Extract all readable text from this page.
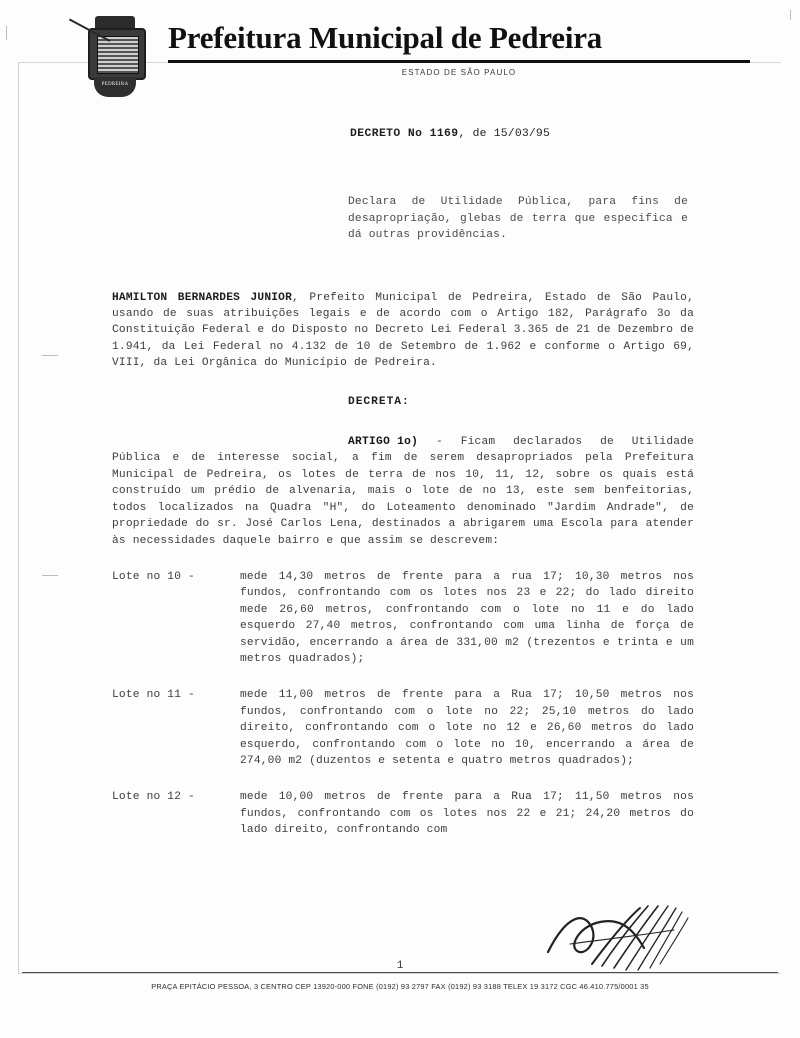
PEDREIRA
Prefeitura Municipal de Pedreira
ESTADO DE SÃO PAULO
DECRETO No 1169, de 15/03/95
Declara de Utilidade Pública, para fins de desapropriação, glebas de terra que especifica e dá outras providências.
HAMILTON BERNARDES JUNIOR, Prefeito Municipal de Pedreira, Estado de São Paulo, usando de suas atribuições legais e de acordo com o Artigo 182, Parágrafo 3o da Constituição Federal e do Disposto no Decreto Lei Federal 3.365 de 21 de Dezembro de 1.941, da Lei Federal no 4.132 de 10 de Setembro de 1.962 e conforme o Artigo 69, VIII, da Lei Orgânica do Município de Pedreira.
DECRETA:
ARTIGO 1o) - Ficam declarados de Utilidade Pública e de interesse social, a fim de serem desapropriados pela Prefeitura Municipal de Pedreira, os lotes de terra de nos 10, 11, 12, sobre os quais está construído um prédio de alvenaria, mais o lote de no 13, este sem benfeitorias, todos localizados na Quadra "H", do Loteamento denominado "Jardim Andrade", de propriedade do sr. José Carlos Lena, destinados a abrigarem uma Escola para atender às necessidades daquele bairro e que assim se descrevem:
Lote no 10 -	mede 14,30 metros de frente para a rua 17; 10,30 metros nos fundos, confrontando com os lotes nos 23 e 22; do lado direito mede 26,60 metros, confrontando com o lote no 11 e do lado esquerdo 27,40 metros, confrontando com uma linha de força de servidão, encerrando a área de 331,00 m2 (trezentos e trinta e um metros quadrados);
Lote no 11 -	mede 11,00 metros de frente para a Rua 17; 10,50 metros nos fundos, confrontando com o lote no 22; 25,10 metros do lado direito, confrontando com o lote no 12 e 26,60 metros do lado esquerdo, confrontando com o lote no 10, encerrando a área de 274,00 m2 (duzentos e setenta e quatro metros quadrados);
Lote no 12 -	mede 10,00 metros de frente para a Rua 17; 11,50 metros nos fundos, confrontando com os lotes nos 22 e 21; 24,20 metros do lado direito, confrontando com
1
PRAÇA EPITÁCIO PESSOA, 3 CENTRO CEP 13920-000 FONE (0192) 93 2797 FAX (0192) 93 3188 TELEX 19 3172 CGC 46.410.775/0001 35
